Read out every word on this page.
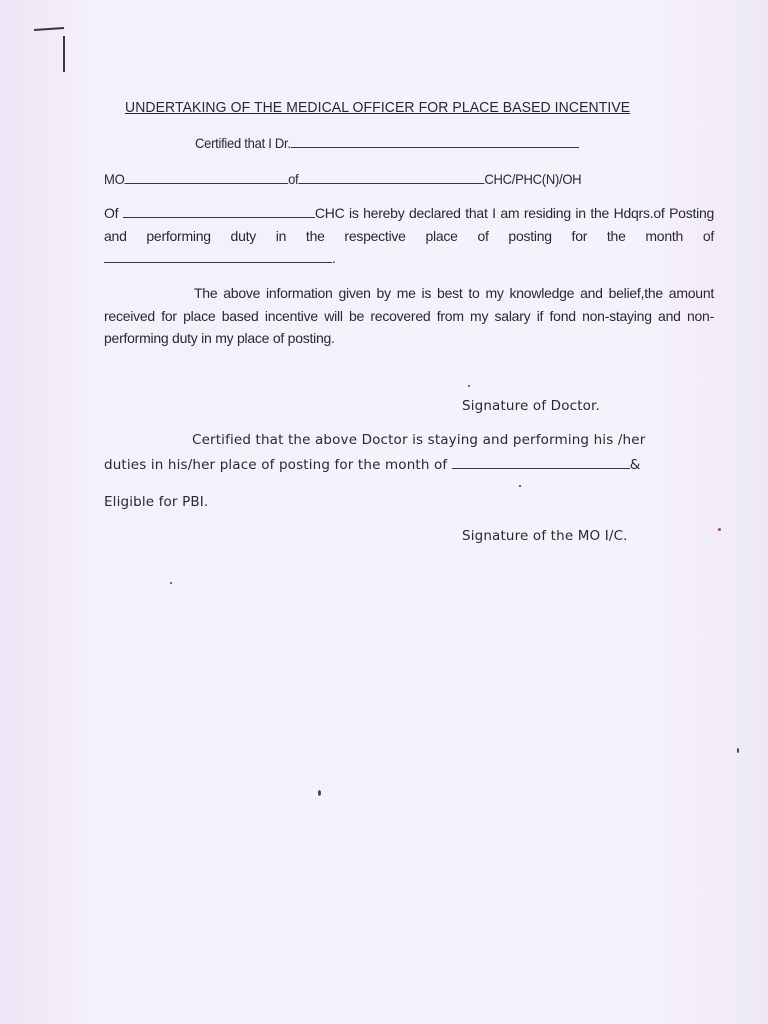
UNDERTAKING OF THE MEDICAL OFFICER FOR PLACE BASED INCENTIVE
Certified that I Dr.
MO	of	CHC/PHC(N)/OH
Of	CHC is hereby declared that I am residing in the Hdqrs.of Posting and performing duty in the respective place of posting for the month of.
The above information given by me is best to my knowledge and belief,the amount received for place based incentive will be recovered from my salary if fond non-staying and non-performing duty in my place of posting.
Signature of Doctor.
Certified that the above Doctor is staying and performing his /her
duties in his/her place of posting for the month of	&
Eligible for PBI.
Signature of the MO I/C.
